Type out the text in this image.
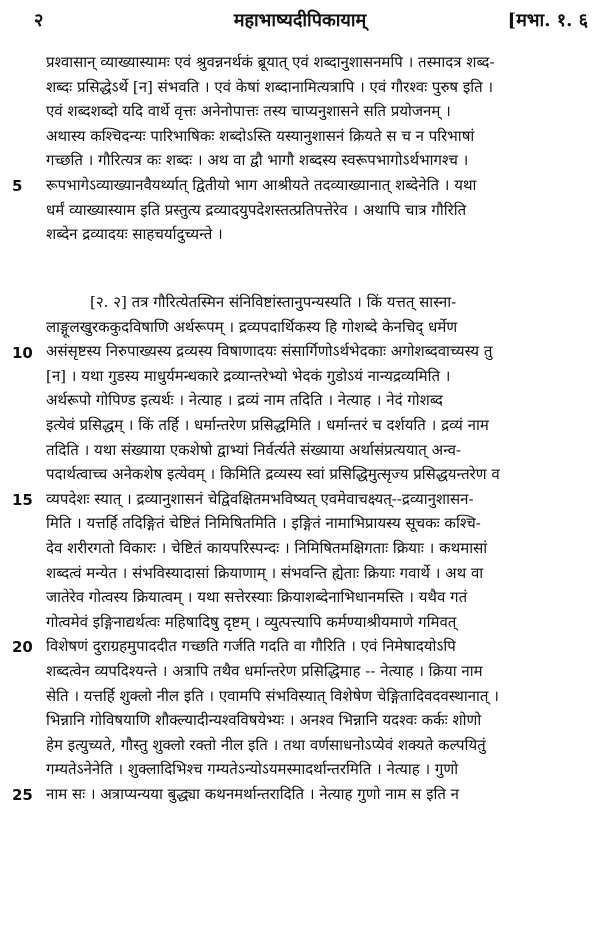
२	महाभाष्यदीपिकायाम्	[मभा. १. ६
5
10
15
20
25
प्रश्वासान् व्याख्यास्यामः एवं श्रुवन्ननर्थकं ब्रूयात् एवं शब्दानुशासनमपि । तस्मादत्र शब्द-
शब्दः प्रसिद्धेऽर्थे [न] संभवति । एवं केषां शब्दानामित्यत्रापि । एवं गौरश्वः पुरुष इति ।
एवं शब्दशब्दो यदि वार्थे वृत्तः अनेनोपात्तः तस्य चाप्यनुशासने सति प्रयोजनम् ।
अथास्य कश्चिदन्यः पारिभाषिकः शब्दोऽस्ति यस्यानुशासनं क्रियते स च न परिभाषां
गच्छति । गौरित्यत्र कः शब्दः । अथ वा द्वौ भागौ शब्दस्य स्वरूपभागोऽर्थभागश्च ।
रूपभागेऽव्याख्यानवैयर्थ्यात् द्वितीयो भाग आश्रीयते तदव्याख्यानात् शब्देनेति । यथा
धर्मं व्याख्यास्याम इति प्रस्तुत्य द्रव्यादयुपदेशस्तत्प्रतिपत्तेरेव । अथापि चात्र गौरिति
शब्देन द्रव्यादयः साहचर्यादुच्यन्ते ।
[२. २] तत्र गौरित्येतस्मिन संनिविष्टांस्तानुपन्यस्यति । किं यत्तत् सास्ना-
लाङ्गूलखुरककुदविषाणि अर्थरूपम् । द्रव्यपदार्थिकस्य हि गोशब्दे केनचिद् धर्मेण
असंसृष्टस्य निरुपाख्यस्य द्रव्यस्य विषाणादयः संसार्गिणोऽर्थभेदकाः अगोशब्दवाच्यस्य तु
[न] । यथा गुडस्य माधुर्यमन्धकारे द्रव्यान्तरेभ्यो भेदकं गुडोऽयं नान्यद्रव्यमिति ।
अर्थरूपो गोपिण्ड इत्यर्थः । नेत्याह । द्रव्यं नाम तदिति । नेत्याह । नेदं गोशब्द
इत्येवं प्रसिद्धम् । किं तर्हि । धर्मान्तरेण प्रसिद्धमिति । धर्मान्तरं च दर्शयति । द्रव्यं नाम
तदिति । यथा संख्याया एकशेषो द्वाभ्यां निर्वर्त्यते संख्याया अर्थासंप्रत्ययात् अन्व-
पदार्थत्वाच्च अनेकशेष इत्येवम् । किमिति द्रव्यस्य स्वां प्रसिद्धिमुत्सृज्य प्रसिद्धयन्तरेण व
व्यपदेशः स्यात् । द्रव्यानुशासनं चेद्विवक्षितमभविष्यत् एवमेवाचक्ष्यत्--द्रव्यानुशासन-
मिति । यत्तर्हि तदिङ्गितं चेष्टितं निमिषितमिति । इङ्गितं नामाभिप्रायस्य सूचकः कश्चि-
देव शरीरगतो विकारः । चेष्टितं कायपरिस्पन्दः । निमिषितमक्षिगताः क्रियाः । कथमासां
शब्दत्वं मन्येत । संभविस्यादासां क्रियाणाम् । संभवन्ति ह्येताः क्रियाः गवार्थे । अथ वा
जातेरेव गोत्वस्य क्रियात्वम् । यथा सत्तेरस्याः क्रियाशब्देनाभिधानमस्ति । यथैव गतं
गोत्वमेवं इङ्गिनाद्यर्थत्वः महिषादिषु दृष्टम् । व्युत्पत्त्यापि कर्मण्याश्रीयमाणे गमिवत्
विशेषणं दुराग्रहमुपाददीत गच्छति गर्जति गदति वा गौरिति । एवं निमेषादयोऽपि
शब्दत्वेन व्यपदिश्यन्ते । अत्रापि तथैव धर्मान्तरेण प्रसिद्धिमाह -- नेत्याह । क्रिया नाम
सेति । यत्तर्हि शुक्लो नील इति । एवामपि संभविस्यात् विशेषेण चेङ्गितादिवदवस्थानात् ।
भिन्नानि गोविषयाणि शौक्ल्यादीन्यश्वविषयेभ्यः । अनश्व भिन्नानि यदश्वः कर्कः शोणो
हेम इत्युच्यते, गौस्तु शुक्लो रक्तो नील इति । तथा वर्णसाधनोऽप्येवं शक्यते कल्पयितुं
गम्यतेऽनेनेति । शुक्लादिभिश्च गम्यतेऽन्योऽयमस्मादर्थान्तरमिति । नेत्याह । गुणो
नाम सः । अत्राप्यन्यया बुद्ध्या कथनमर्थान्तरादिति । नेत्याह गुणो नाम स इति न
